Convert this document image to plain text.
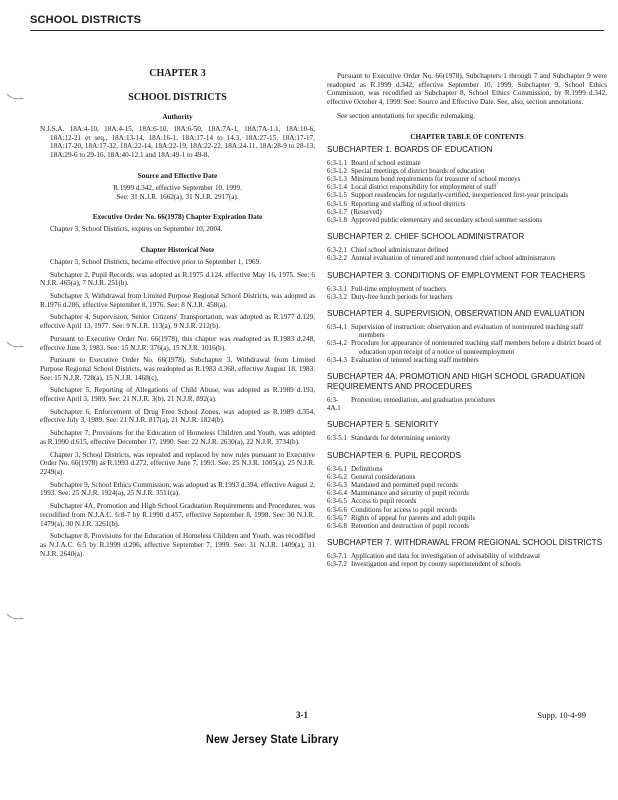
SCHOOL DISTRICTS
CHAPTER 3
SCHOOL DISTRICTS
Authority

N.J.S.A. 18A:4-10, 18A:4-15, 18A:6-10, 18A:6-50, 18A:7A-1, 18A:7A-1.1, 18A:10-6, 18A:12-21 et seq., 18A:13-14, 18A:16-1, 18A:17-14 to 14.3, 18A:27-15, 18A:17-17, 18A:17-20, 18A:17-32, 18A:22-14, 18A:22-19, 18A:22-22, 18A:24-11, 18A:28-9 to 28-13, 18A:29-6 to 29-16, 18A:40-12.1 and 18A:49-1 to 49-8.

Source and Effective Date

R.1999 d.342, effective September 10, 1999.

See: 31 N.J.R. 1662(a), 31 N.J.R. 2917(a).

Executive Order No. 66(1978) Chapter Expiration Date

Chapter 3, School Districts, expires on September 10, 2004.

Chapter Historical Note

Chapter 3, School Districts, became effective prior to September 1, 1969.

Subchapter 2, Pupil Records, was adopted as R.1975 d.124, effective May 16, 1975. See: 6 N.J.R. 465(a), 7 N.J.R. 251(b).

Subchapter 3, Withdrawal from Limited Purpose Regional School Districts, was adopted as R.1976 d.286, effective September 8, 1976. See: 8 N.J.R. 458(a).

Subchapter 4, Supervision, Senior Citizens' Transportation, was adopted as R.1977 d.129, effective April 13, 1977. See: 9 N.J.R. 113(a), 9 N.J.R. 212(b).

Pursuant to Executive Order No. 66(1978), this chapter was readopted as R.1983 d.248, effective June 3, 1983. See: 15 N.J.R. 376(a), 15 N.J.R. 1016(b).

Pursuant to Executive Order No. 66(1978), Subchapter 3, Withdrawal from Limited Purpose Regional School Districts, was readopted as R.1983 d.368, effective August 18, 1983. See: 15 N.J.R. 728(a), 15 N.J.R. 1468(c).

Subchapter 5, Reporting of Allegations of Child Abuse, was adopted as R.1989 d.193, effective April 3, 1989. See: 21 N.J.R. 3(b), 21 N.J.R. 892(a).

Subchapter 6, Enforcement of Drug Free School Zones, was adopted as R.1989 d.354, effective July 3, 1989. See: 21 N.J.R. 817(a), 21 N.J.R. 1824(b).

Subchapter 7, Provisions for the Education of Homeless Children and Youth, was adopted as R.1990 d.615, effective December 17, 1990. See: 22 N.J.R. 2630(a), 22 N.J.R. 3734(b).

Chapter 3, School Districts, was repealed and replaced by new rules pursuant to Executive Order No. 66(1978) as R.1993 d.272, effective June 7, 1993. See: 25 N.J.R. 1005(a), 25 N.J.R. 2249(a).

Subchapter 9, School Ethics Commission, was adopted as R.1993 d.394, effective August 2, 1993. See: 25 N.J.R. 1924(a), 25 N.J.R. 3511(a).

Subchapter 4A, Promotion and High School Graduation Requirements and Procedures, was recodified from N.J.A.C. 6:8-7 by R.1998 d.457, effective September 8, 1998. See: 30 N.J.R. 1479(a), 30 N.J.R. 3261(b).

Subchapter 8, Provisions for the Education of Homeless Children and Youth, was recodified as N.J.A.C. 6:5 by R.1999 d.296, effective September 7, 1999. See: 31 N.J.R. 1409(a), 31 N.J.R. 2640(a).

Pursuant to Executive Order No. 66(1978), Subchapters 1 through 7 and Subchapter 9 were readopted as R.1999 d.342, effective September 10, 1999. Subchapter 9, School Ethics Commission, was recodified as Subchapter 8, School Ethics Commission, by R.1999 d.342, effective October 4, 1999. See: Source and Effective Date. See, also, section annotations.

See section annotations for specific rulemaking.

CHAPTER TABLE OF CONTENTS
SUBCHAPTER 1. BOARDS OF EDUCATION
6:3-1.1 Board of school estimate
6:3-1.2 Special meetings of district boards of education
6:3-1.3 Minimum bond requirements for treasurer of school moneys
6:3-1.4 Local district responsibility for employment of staff
6:3-1.5 Support residencies for regularly-certified, inexperienced first-year principals
6:3-1.6 Reporting and staffing of school districts
6:3-1.7 (Reserved)
6:3-1.8 Approved public elementary and secondary school summer sessions
SUBCHAPTER 2. CHIEF SCHOOL ADMINISTRATOR
6:3-2.1 Chief school administrator defined
6:3-2.2 Annual evaluation of tenured and nontenured chief school administrators
SUBCHAPTER 3. CONDITIONS OF EMPLOYMENT FOR TEACHERS
6:3-3.1 Full-time employment of teachers
6:3-3.2 Duty-free lunch periods for teachers
SUBCHAPTER 4. SUPERVISION, OBSERVATION AND EVALUATION
6:3-4.1 Supervision of instruction: observation and evaluation of nontenured teaching staff members
6:3-4.2 Procedure for appearance of nontenured teaching staff members before a district board of education upon receipt of a notice of nonreemployment
6:3-4.3 Evaluation of tenured teaching staff members
SUBCHAPTER 4A. PROMOTION AND HIGH SCHOOL GRADUATION REQUIREMENTS AND PROCEDURES
6:3-4A.1
Promotion, remediation, and graduation procedures
SUBCHAPTER 5. SENIORITY
6:3-5.1 Standards for determining seniority
SUBCHAPTER 6. PUPIL RECORDS
6:3-6.1 Definitions
6:3-6.2 General considerations
6:3-6.3 Mandated and permitted pupil records
6:3-6.4 Maintenance and security of pupil records
6:3-6.5 Access to pupil records
6:3-6.6 Conditions for access to pupil records
6:3-6.7 Rights of appeal for parents and adult pupils
6:3-6.8 Retention and destruction of pupil records
SUBCHAPTER 7. WITHDRAWAL FROM REGIONAL SCHOOL DISTRICTS
6:3-7.1 Application and data for investigation of advisability of withdrawal
6:3-7.2 Investigation and report by county superintendent of schools
3-1	Supp. 10-4-99
New Jersey State Library
